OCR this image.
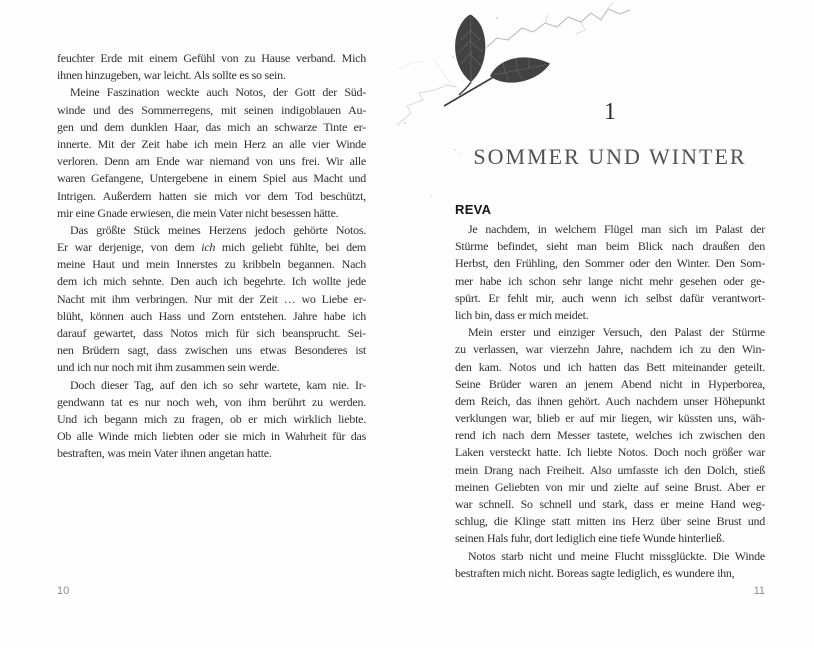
feuchter Erde mit einem Gefühl von zu Hause verband. Mich
ihnen hinzugeben, war leicht. Als sollte es so sein.
Meine Faszination weckte auch Notos, der Gott der Süd-
winde und des Sommerregens, mit seinen indigoblauen Au-
gen und dem dunklen Haar, das mich an schwarze Tinte er-
innerte. Mit der Zeit habe ich mein Herz an alle vier Winde
verloren. Denn am Ende war niemand von uns frei. Wir alle
waren Gefangene, Untergebene in einem Spiel aus Macht und
Intrigen. Außerdem hatten sie mich vor dem Tod beschützt,
mir eine Gnade erwiesen, die mein Vater nicht besessen hätte.
Das größte Stück meines Herzens jedoch gehörte Notos.
Er war derjenige, von dem ich mich geliebt fühlte, bei dem
meine Haut und mein Innerstes zu kribbeln begannen. Nach
dem ich mich sehnte. Den auch ich begehrte. Ich wollte jede
Nacht mit ihm verbringen. Nur mit der Zeit … wo Liebe er-
blüht, können auch Hass und Zorn entstehen. Jahre habe ich
darauf gewartet, dass Notos mich für sich beansprucht. Sei-
nen Brüdern sagt, dass zwischen uns etwas Besonderes ist
und ich nur noch mit ihm zusammen sein werde.
Doch dieser Tag, auf den ich so sehr wartete, kam nie. Ir-
gendwann tat es nur noch weh, von ihm berührt zu werden.
Und ich begann mich zu fragen, ob er mich wirklich liebte.
Ob alle Winde mich liebten oder sie mich in Wahrheit für das
bestraften, was mein Vater ihnen angetan hatte.
10
1
SOMMER UND WINTER
REVA
Je nachdem, in welchem Flügel man sich im Palast der
Stürme befindet, sieht man beim Blick nach draußen den
Herbst, den Frühling, den Sommer oder den Winter. Den Som-
mer habe ich schon sehr lange nicht mehr gesehen oder ge-
spürt. Er fehlt mir, auch wenn ich selbst dafür verantwort-
lich bin, dass er mich meidet.
Mein erster und einziger Versuch, den Palast der Stürme
zu verlassen, war vierzehn Jahre, nachdem ich zu den Win-
den kam. Notos und ich hatten das Bett miteinander geteilt.
Seine Brüder waren an jenem Abend nicht in Hyperborea,
dem Reich, das ihnen gehört. Auch nachdem unser Höhepunkt
verklungen war, blieb er auf mir liegen, wir küssten uns, wäh-
rend ich nach dem Messer tastete, welches ich zwischen den
Laken versteckt hatte. Ich liebte Notos. Doch noch größer war
mein Drang nach Freiheit. Also umfasste ich den Dolch, stieß
meinen Geliebten von mir und zielte auf seine Brust. Aber er
war schnell. So schnell und stark, dass er meine Hand weg-
schlug, die Klinge statt mitten ins Herz über seine Brust und
seinen Hals fuhr, dort lediglich eine tiefe Wunde hinterließ.
Notos starb nicht und meine Flucht missglückte. Die Winde
bestraften mich nicht. Boreas sagte lediglich, es wundere ihn,
11
